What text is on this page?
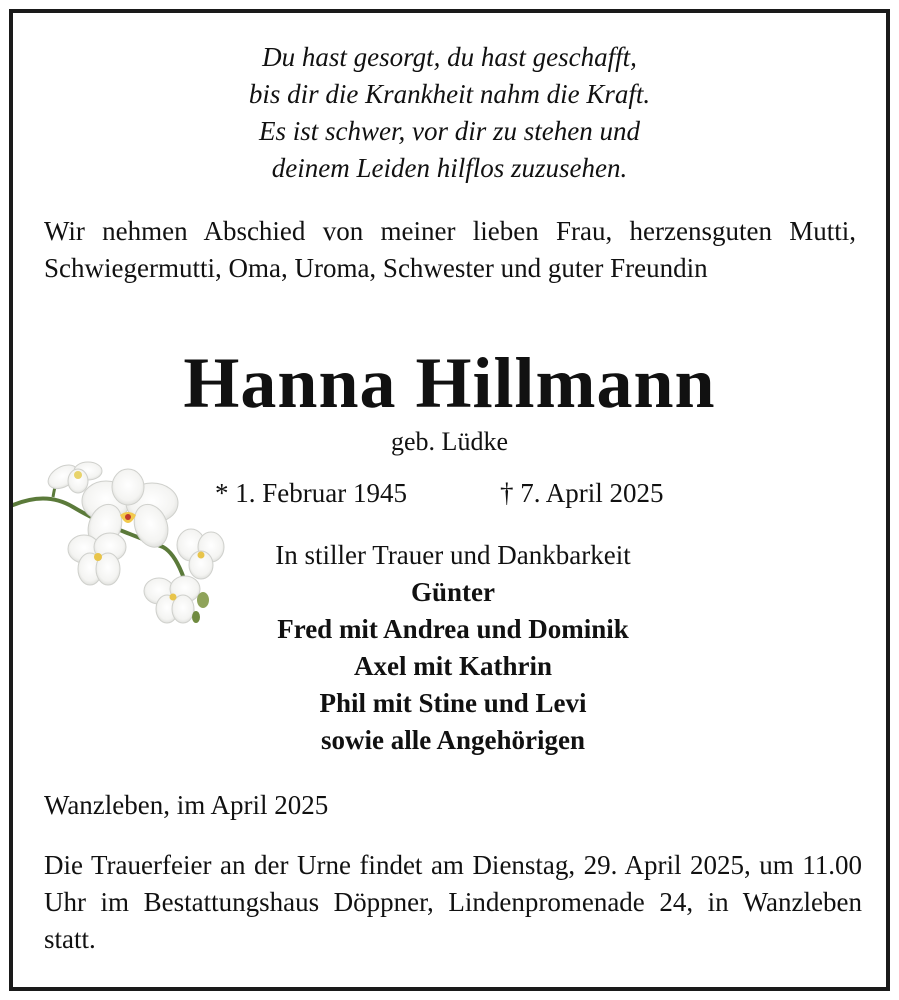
Du hast gesorgt, du hast geschafft,
bis dir die Krankheit nahm die Kraft.
Es ist schwer, vor dir zu stehen und
deinem Leiden hilflos zuzusehen.
Wir nehmen Abschied von meiner lieben Frau, herzensguten Mutti, Schwiegermutti, Oma, Uroma, Schwester und guter Freundin
Hanna Hillmann
geb. Lüdke
* 1. Februar 1945	† 7. April 2025
In stiller Trauer und Dankbarkeit
Günter
Fred mit Andrea und Dominik
Axel mit Kathrin
Phil mit Stine und Levi
sowie alle Angehörigen
Wanzleben, im April 2025
Die Trauerfeier an der Urne findet am Dienstag, 29. April 2025, um 11.00 Uhr im Bestattungshaus Döppner, Lindenpromenade 24, in Wanzleben statt.
